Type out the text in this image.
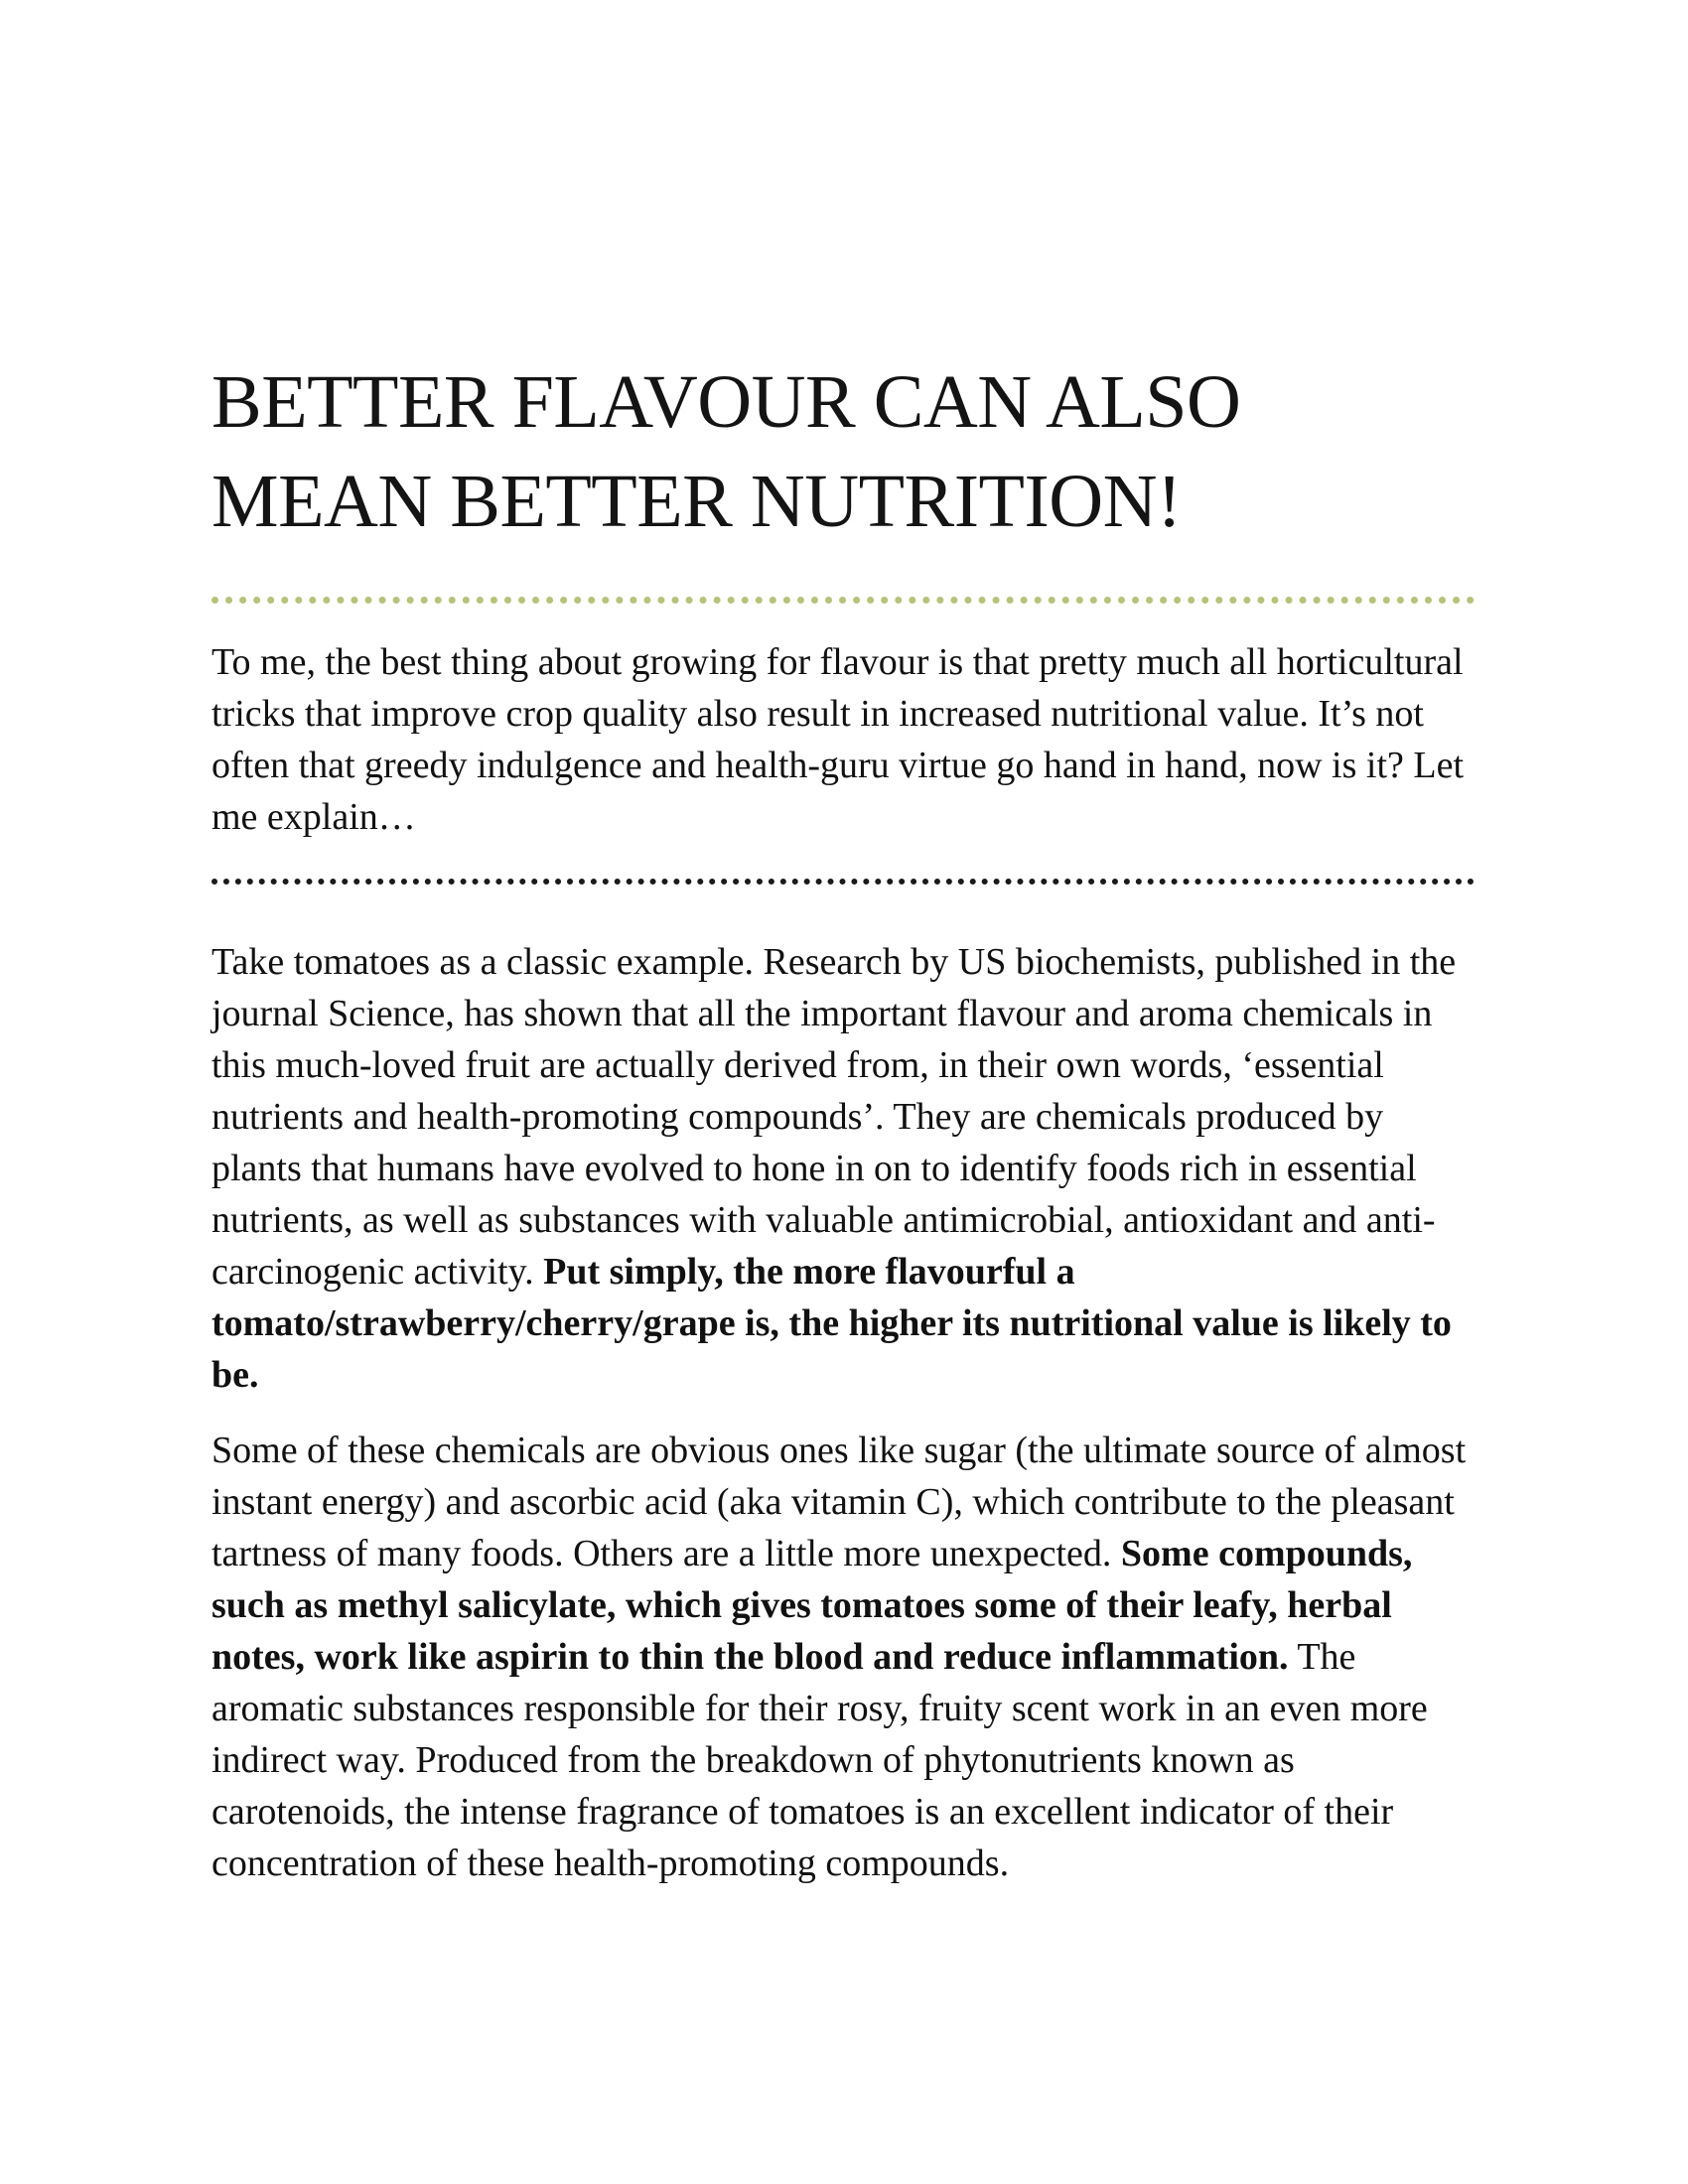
BETTER FLAVOUR CAN ALSO
MEAN BETTER NUTRITION!

To me, the best thing about growing for flavour is that pretty much all horticultural tricks that improve crop quality also result in increased nutritional value. It’s not often that greedy indulgence and health-guru virtue go hand in hand, now is it? Let me explain…

Take tomatoes as a classic example. Research by US biochemists, published in the journal Science, has shown that all the important flavour and aroma chemicals in this much-loved fruit are actually derived from, in their own words, ‘essential nutrients and health-promoting compounds’. They are chemicals produced by plants that humans have evolved to hone in on to identify foods rich in essential nutrients, as well as substances with valuable antimicrobial, antioxidant and anti-carcinogenic activity. Put simply, the more flavourful a tomato/strawberry/cherry/grape is, the higher its nutritional value is likely to be.

Some of these chemicals are obvious ones like sugar (the ultimate source of almost instant energy) and ascorbic acid (aka vitamin C), which contribute to the pleasant tartness of many foods. Others are a little more unexpected. Some compounds, such as methyl salicylate, which gives tomatoes some of their leafy, herbal notes, work like aspirin to thin the blood and reduce inflammation. The aromatic substances responsible for their rosy, fruity scent work in an even more indirect way. Produced from the breakdown of phytonutrients known as carotenoids, the intense fragrance of tomatoes is an excellent indicator of their concentration of these health-promoting compounds.
